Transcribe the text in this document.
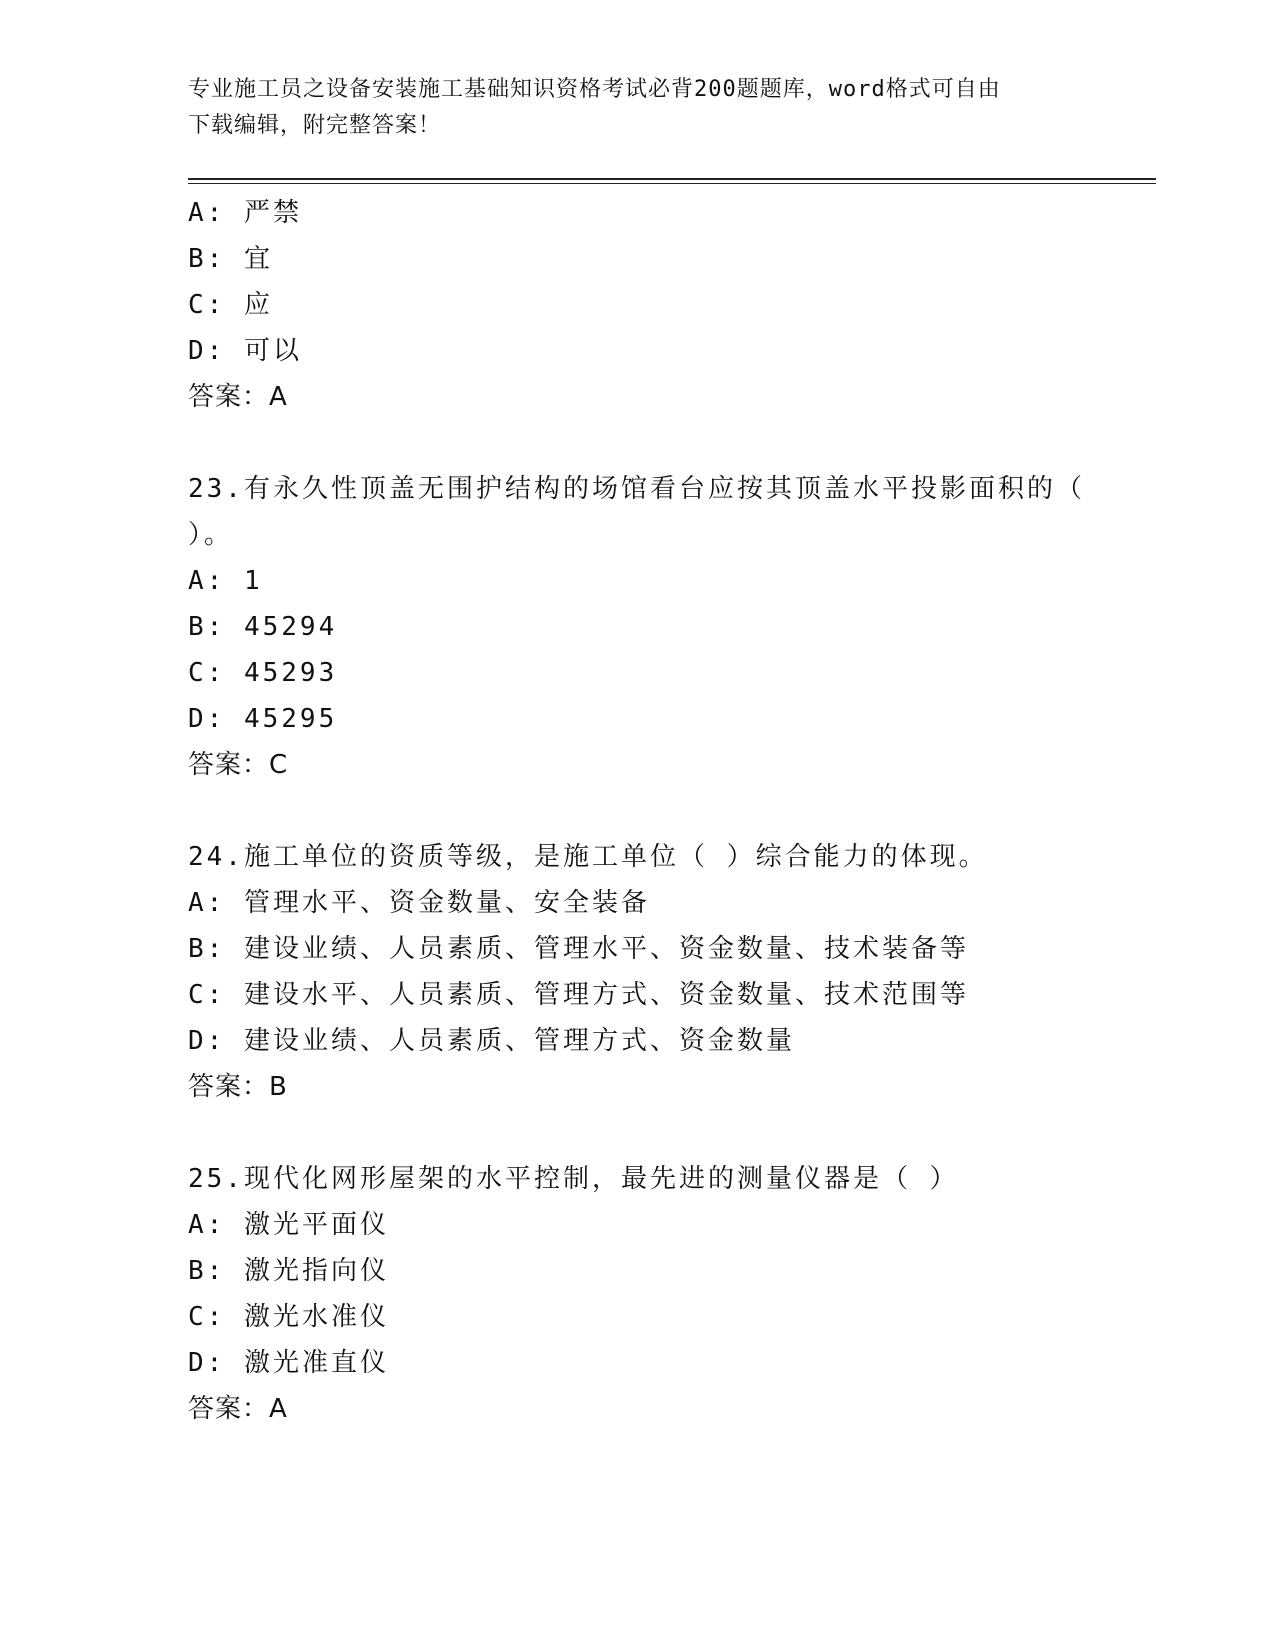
专业施工员之设备安装施工基础知识资格考试必背200题题库，word格式可自由
下载编辑，附完整答案！
A: 严禁
B: 宜
C: 应
D: 可以
答案：A
23.有永久性顶盖无围护结构的场馆看台应按其顶盖水平投影面积的（
）。
A: 1
B: 45294
C: 45293
D: 45295
答案：C
24.施工单位的资质等级，是施工单位（ ）综合能力的体现。
A: 管理水平、资金数量、安全装备
B: 建设业绩、人员素质、管理水平、资金数量、技术装备等
C: 建设水平、人员素质、管理方式、资金数量、技术范围等
D: 建设业绩、人员素质、管理方式、资金数量
答案：B
25.现代化网形屋架的水平控制，最先进的测量仪器是（ ）
A: 激光平面仪
B: 激光指向仪
C: 激光水准仪
D: 激光准直仪
答案：A
